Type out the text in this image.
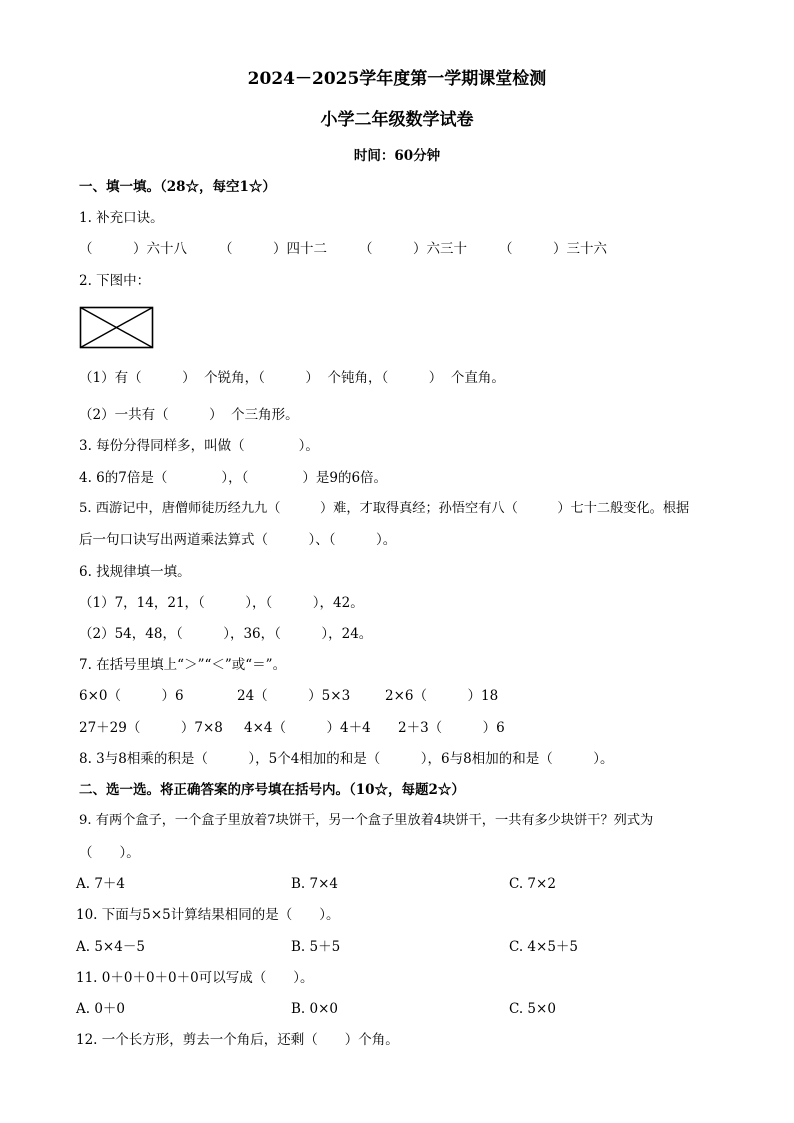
2024－2025学年度第一学期课堂检测
小学二年级数学试卷
时间：60分钟
一、填一填。（28☆，每空1☆）
1. 补充口诀。
（　　　）六十八 （　　　）四十二 （　　　）六三十 （　　　）三十六
2. 下图中：
（1）有（　　　）  个锐角，（　　　）  个钝角，（　　　）  个直角。
（2）一共有（　　　）  个三角形。
3. 每份分得同样多，叫做（　　　　）。
4. 6的7倍是（　　　　），（　　　　）是9的6倍。
5. 西游记中，唐僧师徒历经九九（　　　）难，才取得真经；孙悟空有八（　　　）七十二般变化。根据
后一句口诀写出两道乘法算式（　　　）、（　　　）。
6. 找规律填一填。
（1）7，14，21，（　　　），（　　　），42。
（2）54，48，（　　　），36，（　　　），24。
7. 在括号里填上“＞”“＜”或“＝”。
6×0（　　　）6	24（　　　）5×3	2×6（　　　）18
27＋29（　　　）7×8 4×4（　　　）4＋4 2＋3（　　　）6
8. 3与8相乘的积是（　　　），5个4相加的和是（　　　），6与8相加的和是（　　　）。
二、选一选。将正确答案的序号填在括号内。（10☆，每题2☆）
9. 有两个盒子，一个盒子里放着7块饼干，另一个盒子里放着4块饼干，一共有多少块饼干？列式为
（　　）。
A. 7＋4	B. 7×4	C. 7×2
10. 下面与5×5计算结果相同的是（　　）。
A. 5×4－5	B. 5＋5	C. 4×5＋5
11. 0＋0＋0＋0＋0可以写成（　　）。
A. 0＋0	B. 0×0	C. 5×0
12. 一个长方形，剪去一个角后，还剩（　　）个角。
